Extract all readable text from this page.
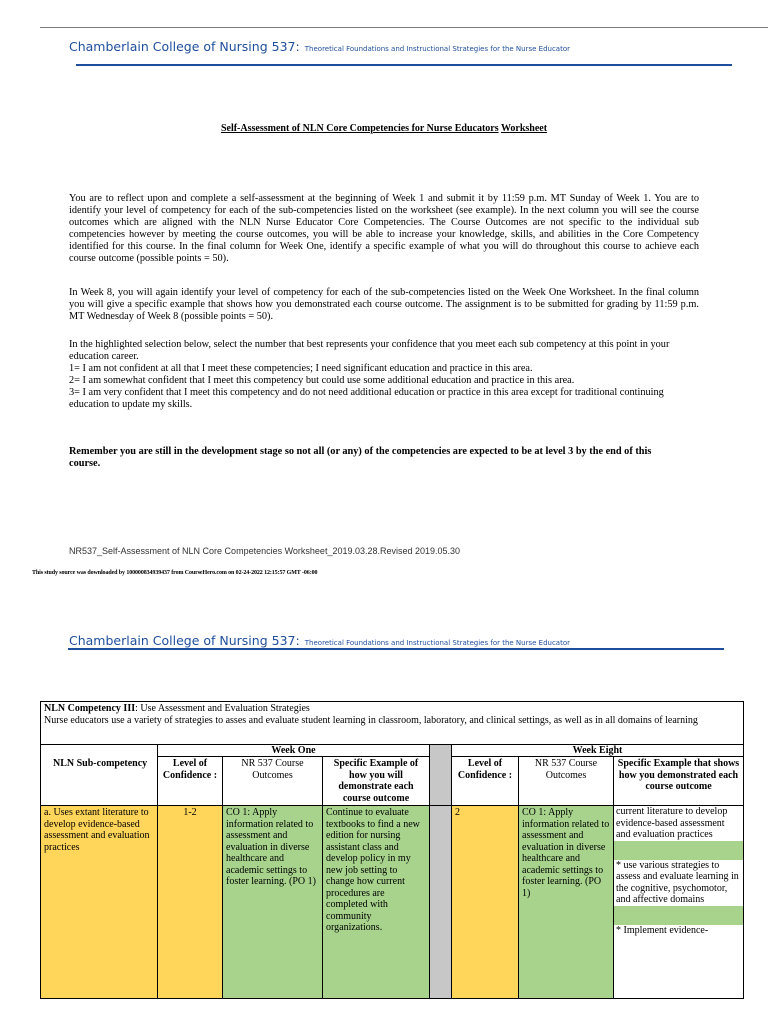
Chamberlain College of Nursing 537: Theoretical Foundations and Instructional Strategies for the Nurse Educator
Self-Assessment of NLN Core Competencies for Nurse Educators Worksheet

You are to reflect upon and complete a self-assessment at the beginning of Week 1 and submit it by 11:59 p.m. MT Sunday of Week 1. You are to identify your level of competency for each of the sub-competencies listed on the worksheet (see example). In the next column you will see the course outcomes which are aligned with the NLN Nurse Educator Core Competencies. The Course Outcomes are not specific to the individual sub competencies however by meeting the course outcomes, you will be able to increase your knowledge, skills, and abilities in the Core Competency identified for this course. In the final column for Week One, identify a specific example of what you will do throughout this course to achieve each course outcome (possible points = 50).

In Week 8, you will again identify your level of competency for each of the sub-competencies listed on the Week One Worksheet. In the final column you will give a specific example that shows how you demonstrated each course outcome. The assignment is to be submitted for grading by 11:59 p.m. MT Wednesday of Week 8 (possible points = 50).

In the highlighted selection below, select the number that best represents your confidence that you meet each sub competency at this point in your education career.

1= I am not confident at all that I meet these competencies; I need significant education and practice in this area.

2= I am somewhat confident that I meet this competency but could use some additional education and practice in this area.

3= I am very confident that I meet this competency and do not need additional education or practice in this area except for traditional continuing education to update my skills.

Remember you are still in the development stage so not all (or any) of the competencies are expected to be at level 3 by the end of this course.

NR537_Self-Assessment of NLN Core Competencies Worksheet_2019.03.28.Revised 2019.05.30
This study source was downloaded by 100000834939437 from CourseHero.com on 02-24-2022 12:15:57 GMT -06:00
Chamberlain College of Nursing 537: Theoretical Foundations and Instructional Strategies for the Nurse Educator
NLN Competency III: Use Assessment and Evaluation Strategies
Nurse educators use a variety of strategies to asses and evaluate student learning in classroom, laboratory, and clinical settings, as well as in all domains of learning							
	Week One				Week Eight		
NLN Sub-competency	Level of Confidence :	NR 537 Course Outcomes	Specific Example of how you will demonstrate each course outcome		Level of Confidence :	NR 537 Course Outcomes	Specific Example that shows how you demonstrated each course outcome
a. Uses extant literature to develop evidence-based assessment and evaluation practices	1-2	CO 1: Apply information related to assessment and evaluation in diverse healthcare and academic settings to foster learning. (PO 1)	Continue to evaluate textbooks to find a new edition for nursing assistant class and develop policy in my new job setting to change how current procedures are completed with community organizations.		2	CO 1: Apply information related to assessment and evaluation in diverse healthcare and academic settings to foster learning. (PO 1)	current literature to develop evidence-based assessment and evaluation practices
* use various strategies to assess and evaluate learning in the cognitive, psychomotor, and affective domains
* Implement evidence-
